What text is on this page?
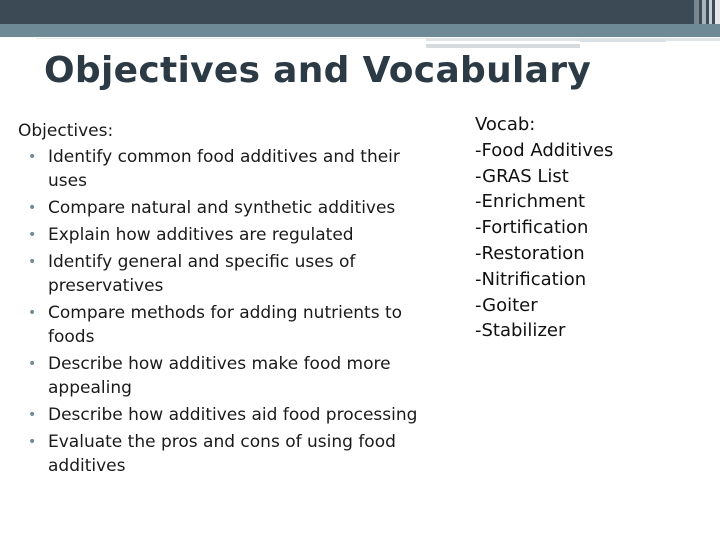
Objectives and Vocabulary
Objectives:
• Identify common food additives and their uses
• Compare natural and synthetic additives
• Explain how additives are regulated
• Identify general and specific uses of preservatives
• Compare methods for adding nutrients to foods
• Describe how additives make food more appealing
• Describe how additives aid food processing
• Evaluate the pros and cons of using food additives
Vocab:
-Food Additives
-GRAS List
-Enrichment
-Fortification
-Restoration
-Nitrification
-Goiter
-Stabilizer
